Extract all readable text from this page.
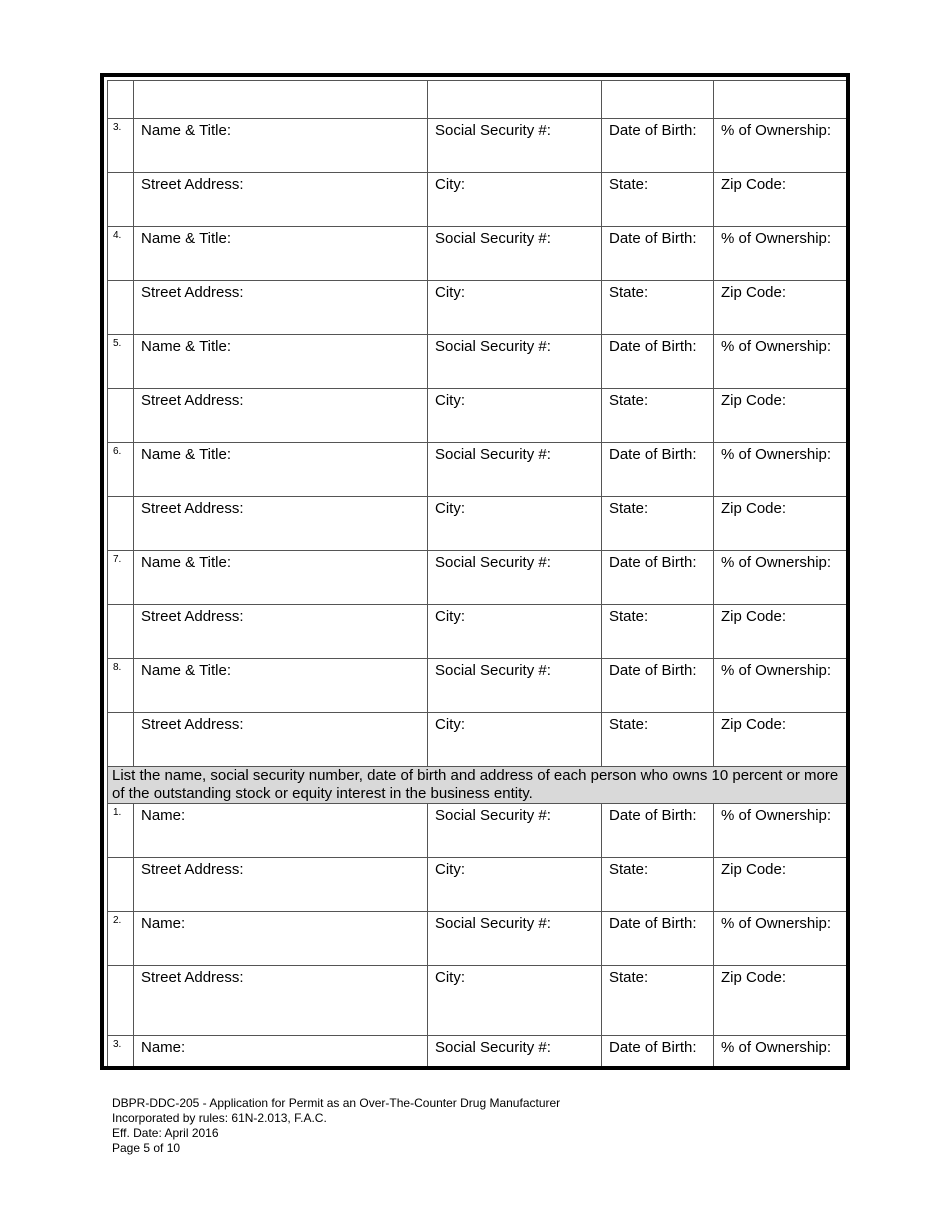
3.	Name & Title:	Social Security #:	Date of Birth:	% of Ownership:
	Street Address:	City:	State:	Zip Code:
4.	Name & Title:	Social Security #:	Date of Birth:	% of Ownership:
	Street Address:	City:	State:	Zip Code:
5.	Name & Title:	Social Security #:	Date of Birth:	% of Ownership:
	Street Address:	City:	State:	Zip Code:
6.	Name & Title:	Social Security #:	Date of Birth:	% of Ownership:
	Street Address:	City:	State:	Zip Code:
7.	Name & Title:	Social Security #:	Date of Birth:	% of Ownership:
	Street Address:	City:	State:	Zip Code:
8.	Name & Title:	Social Security #:	Date of Birth:	% of Ownership:
	Street Address:	City:	State:	Zip Code:
List the name, social security number, date of birth and address of each person who owns 10 percent or more of the outstanding stock or equity interest in the business entity.				
1.	Name:	Social Security #:	Date of Birth:	% of Ownership:
	Street Address:	City:	State:	Zip Code:
2.	Name:	Social Security #:	Date of Birth:	% of Ownership:
	Street Address:	City:	State:	Zip Code:
3.	Name:	Social Security #:	Date of Birth:	% of Ownership:
DBPR-DDC-205 - Application for Permit as an Over-The-Counter Drug Manufacturer
Incorporated by rules: 61N-2.013, F.A.C.
Eff. Date: April 2016
Page 5 of 10
